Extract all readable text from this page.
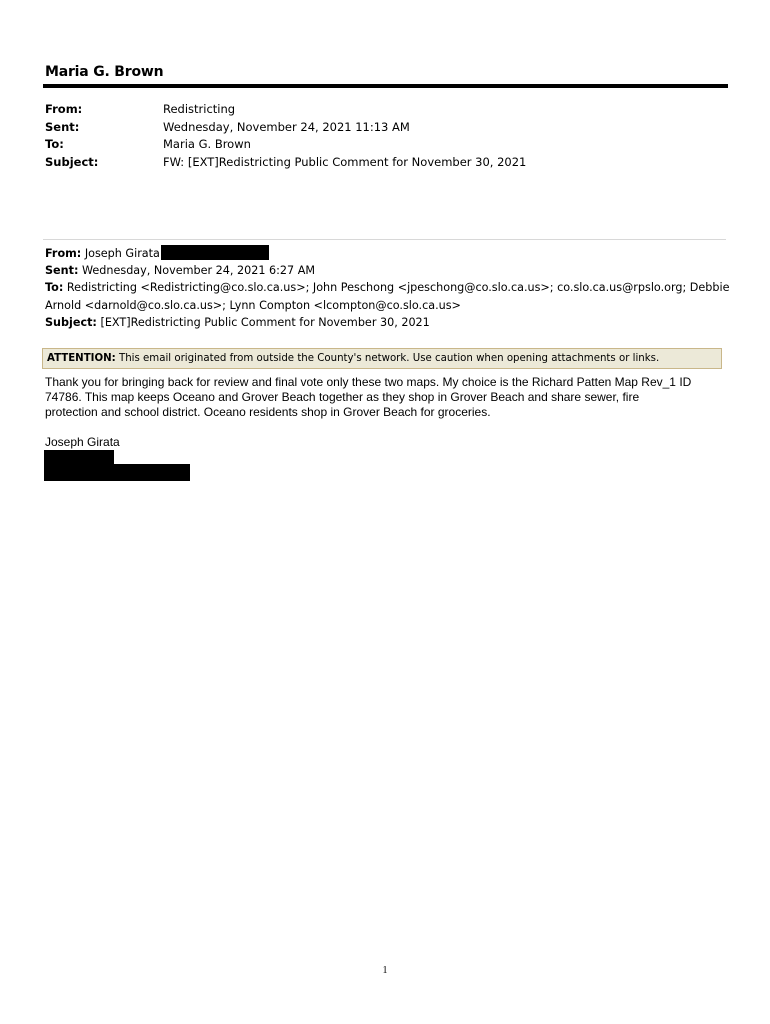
Maria G. Brown
From:	Redistricting
Sent:	Wednesday, November 24, 2021 11:13 AM
To:	Maria G. Brown
Subject:	FW: [EXT]Redistricting Public Comment for November 30, 2021
From: Joseph Girata
Sent: Wednesday, November 24, 2021 6:27 AM
To: Redistricting <Redistricting@co.slo.ca.us>; John Peschong <jpeschong@co.slo.ca.us>; co.slo.ca.us@rpslo.org; Debbie
Arnold <darnold@co.slo.ca.us>; Lynn Compton <lcompton@co.slo.ca.us>
Subject: [EXT]Redistricting Public Comment for November 30, 2021
ATTENTION: This email originated from outside the County's network. Use caution when opening attachments or links.
Thank you for bringing back for review and final vote only these two maps. My choice is the Richard Patten Map Rev_1 ID
74786. This map keeps Oceano and Grover Beach together as they shop in Grover Beach and share sewer, fire
protection and school district. Oceano residents shop in Grover Beach for groceries.
Joseph Girata
1
